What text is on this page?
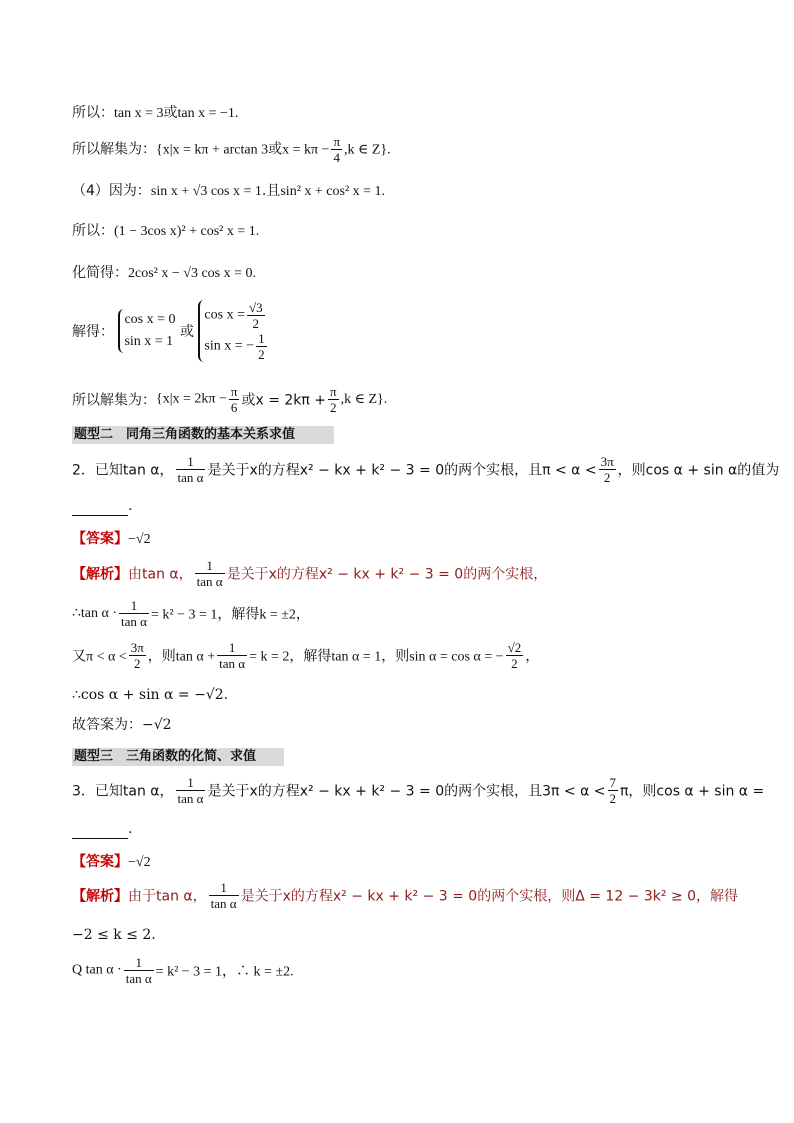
所以：tan x = 3或tan x = −1.
所以解集为：{x|x = kπ + arctan 3或$x = k\pi - \frac{\pi}{4} ,k$ ∈ Z}.
（4）因为：sin x + √3 cos x = 1.且sin² x + cos² x = 1.
所以：(1 − 3cos x)² + cos² x = 1.
化简得：2cos² x − √3 cos x = 0.
解得：
cos x = 0
sin x = 1
或
$\cos x = \frac{√3}{2}$
sin x = − $\frac{1}{2}$
所以解集为：{$x|x = 2k\pi - \frac{\pi}{6}$ 或$x = 2k\pi + \frac{\pi}{2} ,k$ ∈ Z}.
题型二　同角三角函数的基本关系求值
2．已知tan α， $\frac{1}{\text{tan α}}$ 是关于x的方程x² − kx + k² − 3 = 0的两个实根，且$\pi < \alpha < \frac{3\pi}{2}$ ，则cos α + sin α的值为
.
【答案】−√2
【解析】由tan α， $\frac{1}{\text{tan α}}$ 是关于x的方程x² − kx + k² − 3 = 0的两个实根，
∴tan $\alpha \cdot \frac{1}{\text{tan α}} = k^2 - 3 = 1$，解得k = ±2，
又$\pi < \alpha < \frac{3\pi}{2}$ ，则$\tan \alpha + \frac{1}{\text{tan α}} = k = 2$，解得tan α = 1，则sin α = cos α = − $\frac{√2}{2}$ ，
∴cos α + sin α = −√2.
故答案为：−√2
题型三　三角函数的化简、求值
3．已知tan α， $\frac{1}{\text{tan α}}$ 是关于x的方程x² − kx + k² − 3 = 0的两个实根，且$3\pi < \alpha < \frac{7}{2}$ π，则cos α + sin α =
.
【答案】−√2
【解析】由于tan α， $\frac{1}{\text{tan α}}$ 是关于x的方程x² − kx + k² − 3 = 0的两个实根，则Δ = 12 − 3k² ≥ 0，解得
−2 ≤ k ≤ 2.
Q $\tan \alpha \cdot \frac{1}{\text{tan α}} = k^2 - 3 = 1$，∴ k = ±2.
